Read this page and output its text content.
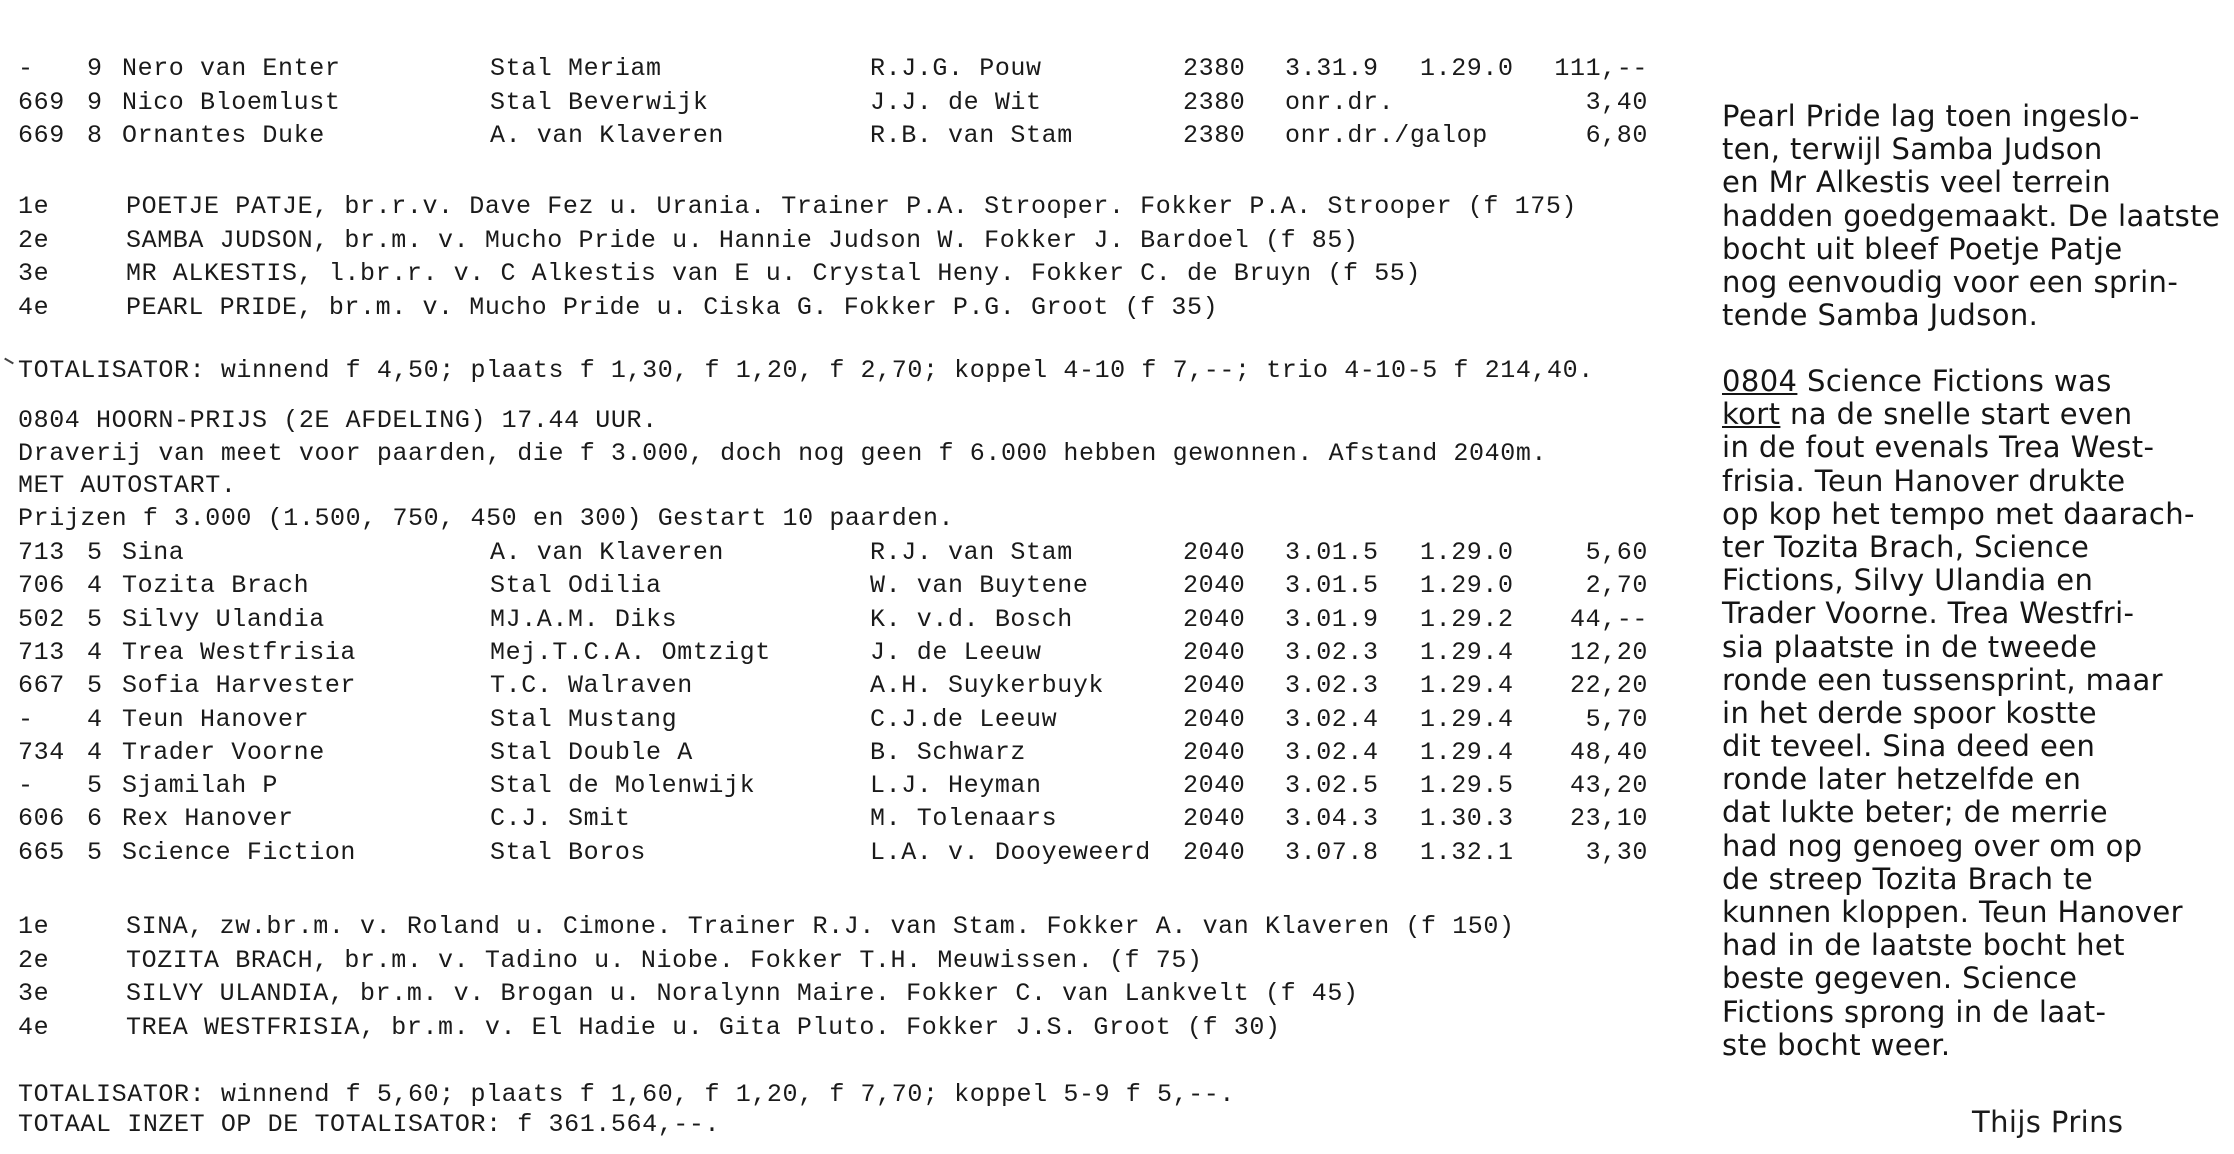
-	9 Nero van Enter	Stal Meriam	R.J.G. Pouw	2380	3.31.9	1.29.0	111,--
669 9 Nico Bloemlust	Stal Beverwijk	J.J. de Wit	2380	onr.dr.	3,40
669 8 Ornantes Duke	A. van Klaveren	R.B. van Stam	2380	onr.dr./galop	6,80
1e	POETJE PATJE, br.r.v. Dave Fez u. Urania. Trainer P.A. Strooper. Fokker P.A. Strooper (f 175)
2e	SAMBA JUDSON, br.m. v. Mucho Pride u. Hannie Judson W. Fokker J. Bardoel (f 85)
3e	MR ALKESTIS, l.br.r. v. C Alkestis van E u. Crystal Heny. Fokker C. de Bruyn (f 55)
4e	PEARL PRIDE, br.m. v. Mucho Pride u. Ciska G. Fokker P.G. Groot (f 35)
TOTALISATOR: winnend f 4,50; plaats f 1,30, f 1,20, f 2,70; koppel 4-10 f 7,--; trio 4-10-5 f 214,40.
0804 HOORN-PRIJS (2E AFDELING) 17.44 UUR.
Draverij van meet voor paarden, die f 3.000, doch nog geen f 6.000 hebben gewonnen. Afstand 2040m.
MET AUTOSTART.
Prijzen f 3.000 (1.500, 750, 450 en 300) Gestart 10 paarden.
713 5 Sina	A. van Klaveren	R.J. van Stam	2040	3.01.5	1.29.0	5,60
706 4 Tozita Brach	Stal Odilia	W. van Buytene	2040	3.01.5	1.29.0	2,70
502 5 Silvy Ulandia	MJ.A.M. Diks	K. v.d. Bosch	2040	3.01.9	1.29.2	44,--
713 4 Trea Westfrisia	Mej.T.C.A. Omtzigt	J. de Leeuw	2040	3.02.3	1.29.4	12,20
667 5 Sofia Harvester	T.C. Walraven	A.H. Suykerbuyk	2040	3.02.3	1.29.4	22,20
-	4 Teun Hanover	Stal Mustang	C.J.de Leeuw	2040	3.02.4	1.29.4	5,70
734 4 Trader Voorne	Stal Double A	B. Schwarz	2040	3.02.4	1.29.4	48,40
-	5 Sjamilah P	Stal de Molenwijk	L.J. Heyman	2040	3.02.5	1.29.5	43,20
606 6 Rex Hanover	C.J. Smit	M. Tolenaars	2040	3.04.3	1.30.3	23,10
665 5 Science Fiction	Stal Boros	L.A. v. Dooyeweerd	2040	3.07.8	1.32.1	3,30
1e	SINA, zw.br.m. v. Roland u. Cimone. Trainer R.J. van Stam. Fokker A. van Klaveren (f 150)
2e	TOZITA BRACH, br.m. v. Tadino u. Niobe. Fokker T.H. Meuwissen. (f 75)
3e	SILVY ULANDIA, br.m. v. Brogan u. Noralynn Maire. Fokker C. van Lankvelt (f 45)
4e	TREA WESTFRISIA, br.m. v. El Hadie u. Gita Pluto. Fokker J.S. Groot (f 30)
TOTALISATOR: winnend f 5,60; plaats f 1,60, f 1,20, f 7,70; koppel 5-9 f 5,--.
TOTAAL INZET OP DE TOTALISATOR: f 361.564,--.
Pearl Pride lag toen ingeslo-
ten, terwijl Samba Judson
en Mr Alkestis veel terrein
hadden goedgemaakt. De laatste
bocht uit bleef Poetje Patje
nog eenvoudig voor een sprin-
tende Samba Judson.
0804 Science Fictions was
kort na de snelle start even
in de fout evenals Trea West-
frisia. Teun Hanover drukte
op kop het tempo met daarach-
ter Tozita Brach, Science
Fictions, Silvy Ulandia en
Trader Voorne. Trea Westfri-
sia plaatste in de tweede
ronde een tussensprint, maar
in het derde spoor kostte
dit teveel. Sina deed een
ronde later hetzelfde en
dat lukte beter; de merrie
had nog genoeg over om op
de streep Tozita Brach te
kunnen kloppen. Teun Hanover
had in de laatste bocht het
beste gegeven. Science
Fictions sprong in de laat-
ste bocht weer.
Thijs Prins
